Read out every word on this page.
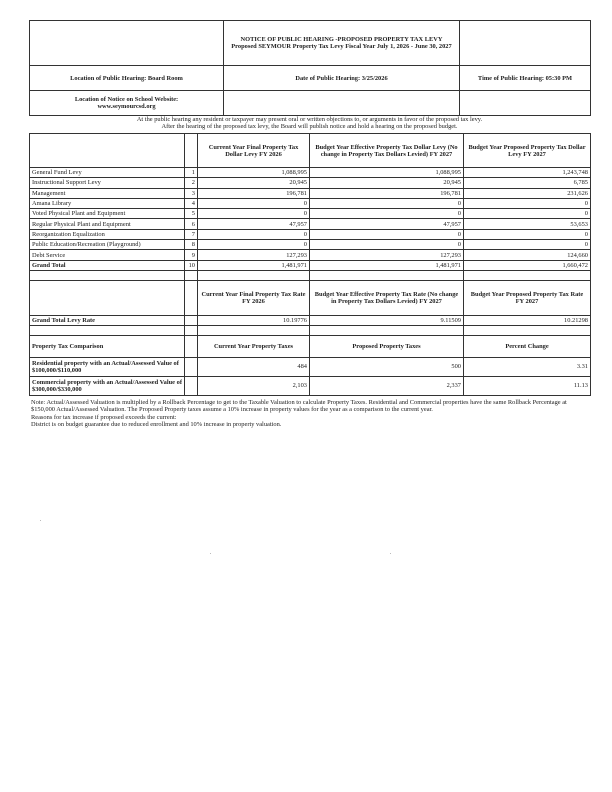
	NOTICE OF PUBLIC HEARING -PROPOSED PROPERTY TAX LEVY
Proposed SEYMOUR Property Tax Levy Fiscal Year July 1, 2026 - June 30, 2027	

Location of Public Hearing: Board Room	Date of Public Hearing: 3/25/2026	Time of Public Hearing: 05:30 PM

Location of Notice on School Website:
www.seymourcsd.org		

At the public hearing any resident or taxpayer may present oral or written objections to, or arguments in favor of the proposed tax levy.
After the hearing of the proposed tax levy, the Board will publish notice and hold a hearing on the proposed budget.
		Current Year Final Property Tax Dollar Levy FY 2026	Budget Year Effective Property Tax Dollar Levy (No change in Property Tax Dollars Levied) FY 2027	Budget Year Proposed Property Tax Dollar Levy FY 2027
General Fund Levy	1	1,088,995	1,088,995	1,243,748
Instructional Support Levy	2	20,945	20,945	6,785
Management	3	196,781	196,781	231,626
Amana Library	4	0	0	0
Voted Physical Plant and Equipment	5	0	0	0
Regular Physical Plant and Equipment	6	47,957	47,957	53,653
Reorganization Equalization	7	0	0	0
Public Education/Recreation (Playground)	8	0	0	0
Debt Service	9	127,293	127,293	124,660
Grand Total	10	1,481,971	1,481,971	1,660,472

		Current Year Final Property Tax Rate FY 2026	Budget Year Effective Property Tax Rate (No change in Property Tax Dollars Levied) FY 2027	Budget Year Proposed Property Tax Rate FY 2027
Grand Total Levy Rate		10.19776	9.11509	10.21298

Property Tax Comparison		Current Year Property Taxes	Proposed Property Taxes	Percent Change
Residential property with an Actual/Assessed Value of $100,000/$110,000		484	500	3.31
Commercial property with an Actual/Assessed Value of $300,000/$330,000		2,103	2,337	11.13
Note: Actual/Assessed Valuation is multiplied by a Rollback Percentage to get to the Taxable Valuation to calculate Property Taxes. Residential and Commercial properties have the same Rollback Percentage at $150,000 Actual/Assessed Valuation. The Proposed Property taxes assume a 10% increase in property values for the year as a comparison to the current year.
Reasons for tax increase if proposed exceeds the current:
District is on budget guarantee due to reduced enrollment and 10% increase in property valuation.
